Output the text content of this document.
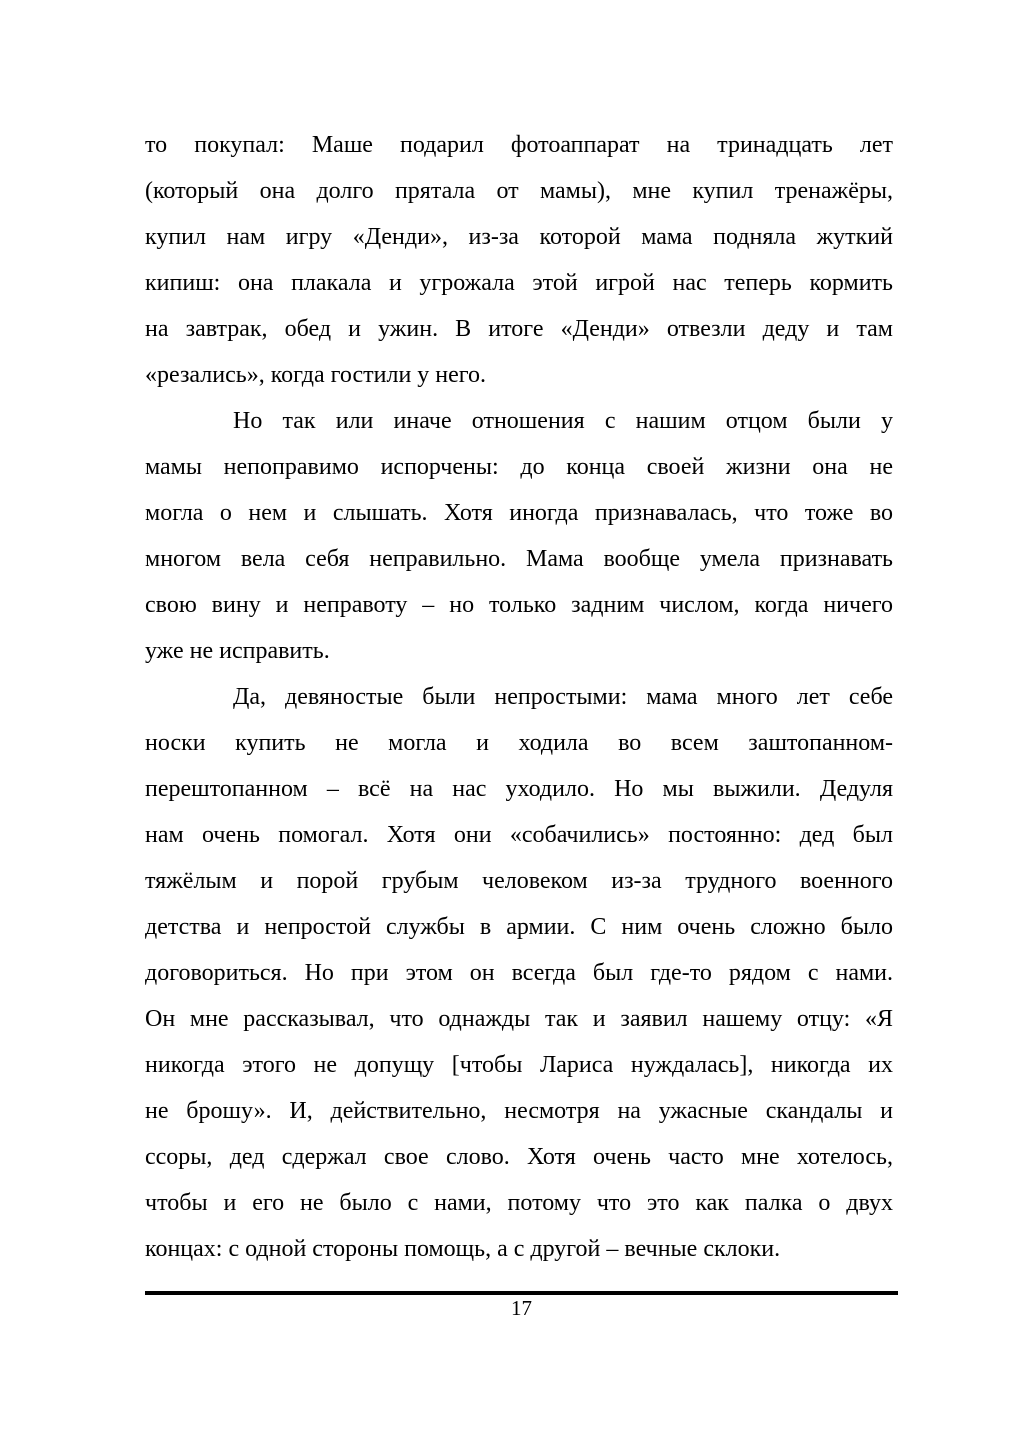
то покупал: Маше подарил фотоаппарат на тринадцать лет
(который она долго прятала от мамы), мне купил тренажёры,
купил нам игру «Денди», из-за которой мама подняла жуткий
кипиш: она плакала и угрожала этой игрой нас теперь кормить
на завтрак, обед и ужин. В итоге «Денди» отвезли деду и там
«резались», когда гостили у него.
Но так или иначе отношения с нашим отцом были у
мамы непоправимо испорчены: до конца своей жизни она не
могла о нем и слышать. Хотя иногда признавалась, что тоже во
многом вела себя неправильно. Мама вообще умела признавать
свою вину и неправоту – но только задним числом, когда ничего
уже не исправить.
Да, девяностые были непростыми: мама много лет себе
носки купить не могла и ходила во всем заштопанном-
перештопанном – всё на нас уходило. Но мы выжили. Дедуля
нам очень помогал. Хотя они «собачились» постоянно: дед был
тяжёлым и порой грубым человеком из-за трудного военного
детства и непростой службы в армии. С ним очень сложно было
договориться. Но при этом он всегда был где-то рядом с нами.
Он мне рассказывал, что однажды так и заявил нашему отцу: «Я
никогда этого не допущу [чтобы Лариса нуждалась], никогда их
не брошу». И, действительно, несмотря на ужасные скандалы и
ссоры, дед сдержал свое слово. Хотя очень часто мне хотелось,
чтобы и его не было с нами, потому что это как палка о двух
концах: с одной стороны помощь, а с другой – вечные склоки.
17
